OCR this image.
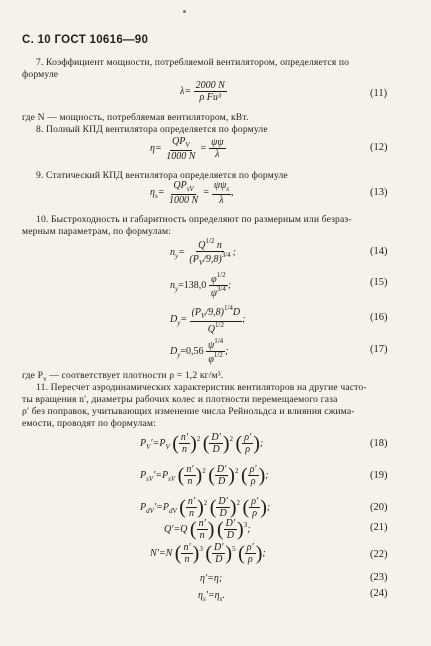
С. 10 ГОСТ 10616—90
7. Коэффициент мощности, потребляемой вентилятором, определяется по
формуле
$\lambda= \frac{2000 N}{\text{ρ Fu³}}$	(11)
где N — мощность, потребляемая вентилятором, кВт.
8. Полный КПД вентилятора определяется по формуле
$\eta= \frac{QP_V}{1000 N} = \frac{\psi\psi}{\lambda}$	(12)
9. Статический КПД вентилятора определяется по формуле
$\eta_s= \frac{QP_{sV}}{1000 N} = \frac{\psi\psi_s}{\lambda}$ ,	(13)
10. Быстроходность и габаритность определяют по размерным или безраз-
мерным параметрам, по формулам:
$n_y= \frac{Q^{1/2} n}{(P_V/9,8)^{3/4}}$ ;	(14)
$n_y=138,0 \frac{\varphi^{1/2}}{\psi^{3/4}}$ ;	(15)
$D_y= \frac{(P_V/9,8)^{1/4}D}{Q^{1/2}}$ ;	(16)
$D_y=0,56 \frac{\psi^{1/4}}{\varphi^{1/2}}$ ;	(17)
где $P_v$ — соответствует плотности ρ = 1,2 кг/м³.
11. Пересчет аэродинамических характеристик вентиляторов на другие часто-
ты вращения n′, диаметры рабочих колес и плотности перемещаемого газа
ρ′ без поправок, учитывающих изменение числа Рейнольдса и влияния сжима-
емости, проводят по формулам:
$P_V'=P_V$ ( $\frac{n'}{n} )^2$ ( $\frac{D'}{D} )^2$ ( $\frac{\rho'}{\rho}$ );	(18)
$P_{sV}'=P_{sV}$ ( $\frac{n'}{n} )^2$ ( $\frac{D'}{D} )^2$ ( $\frac{\rho'}{\rho}$ );	(19)
$P_{dV}'=P_{dV}$ ( $\frac{n'}{n} )^2$ ( $\frac{D'}{D} )^2$ ( $\frac{\rho'}{\rho}$ );	(20)
Q′=Q ( $\frac{n'}{n}$ ) ( $\frac{D'}{D} )^3$;	(21)
N′=N ( $\frac{n'}{n} )^3$ ( $\frac{D'}{D} )^5$ ( $\frac{\rho'}{\rho}$ );	(22)
η′=η;	(23)
$\eta_s'=\eta_s$.	(24)
